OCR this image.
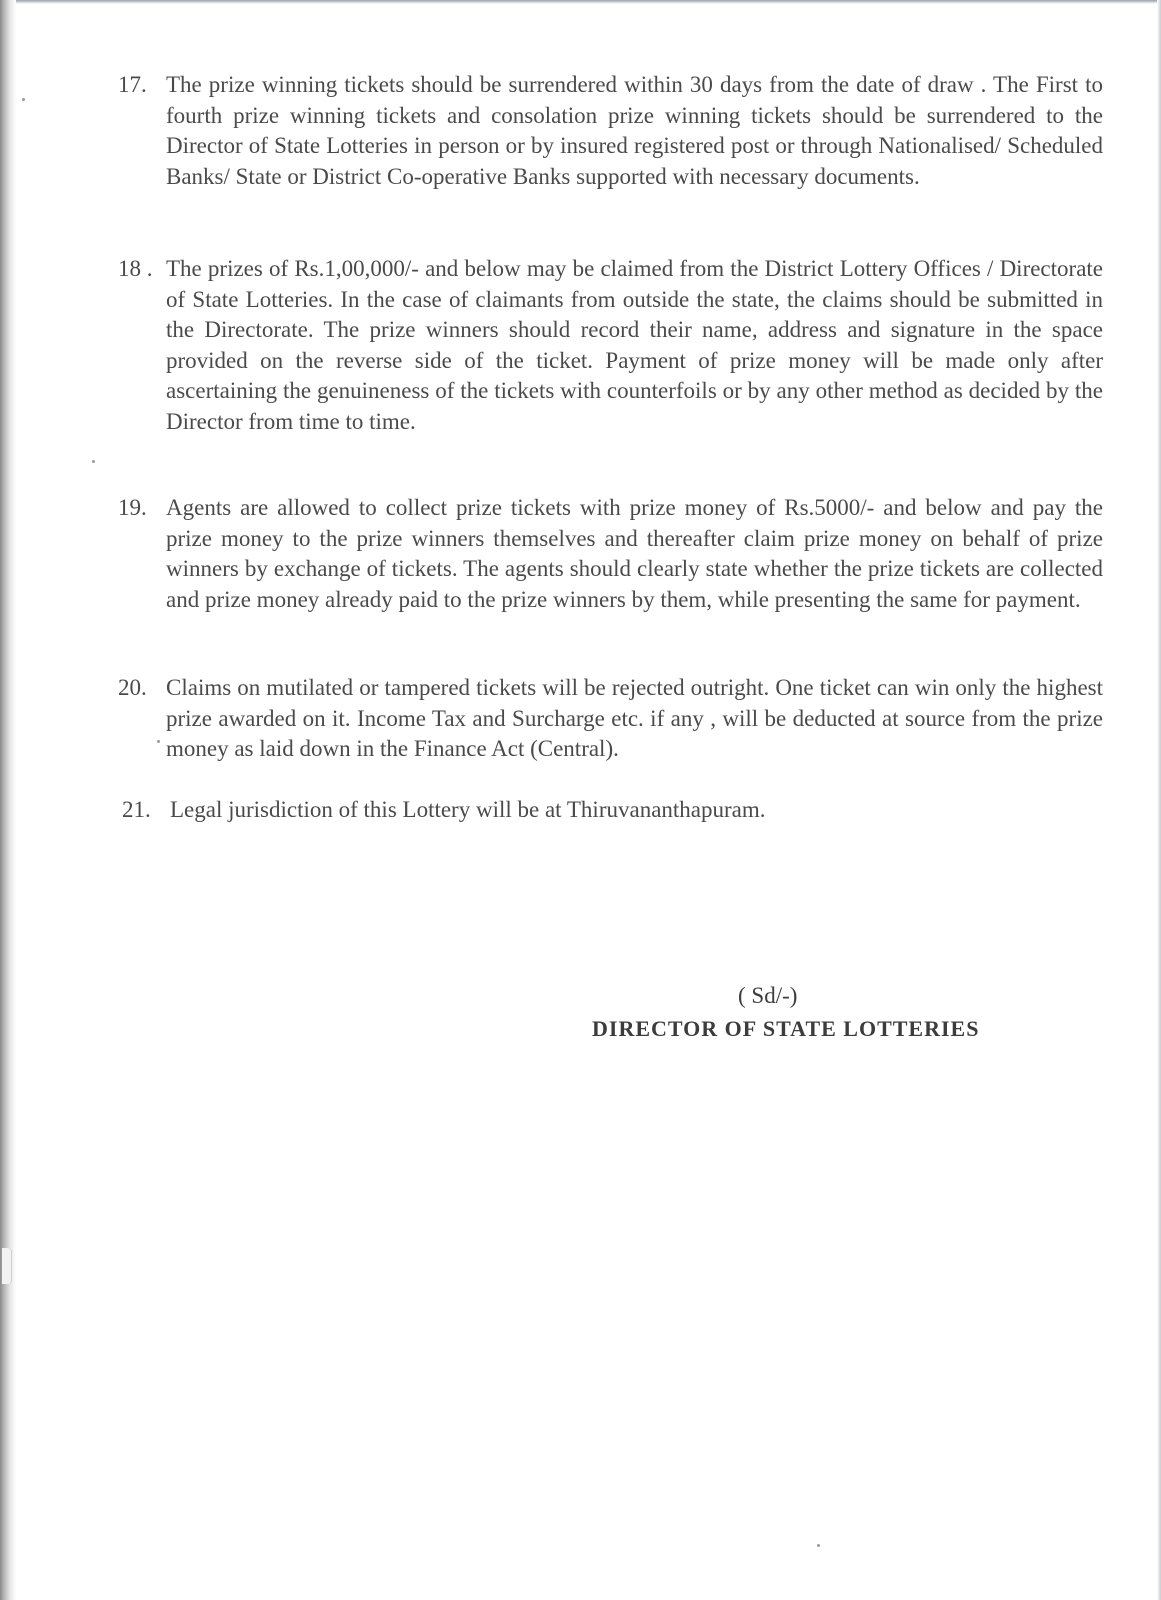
17. The prize winning tickets should be surrendered within 30 days from the date of draw . The First to fourth prize winning tickets and consolation prize winning tickets should be surrendered to the Director of State Lotteries in person or by insured registered post or through Nationalised/ Scheduled Banks/ State or District Co-operative Banks supported with necessary documents.
18 . The prizes of Rs.1,00,000/- and below may be claimed from the District Lottery Offices / Directorate of State Lotteries. In the case of claimants from outside the state, the claims should be submitted in the Directorate. The prize winners should record their name, address and signature in the space provided on the reverse side of the ticket. Payment of prize money will be made only after ascertaining the genuineness of the tickets with counterfoils or by any other method as decided by the Director from time to time.
19. Agents are allowed to collect prize tickets with prize money of Rs.5000/- and below and pay the prize money to the prize winners themselves and thereafter claim prize money on behalf of prize winners by exchange of tickets. The agents should clearly state whether the prize tickets are collected and prize money already paid to the prize winners by them, while presenting the same for payment.
20. Claims on mutilated or tampered tickets will be rejected outright. One ticket can win only the highest prize awarded on it. Income Tax and Surcharge etc. if any , will be deducted at source from the prize money as laid down in the Finance Act (Central).
21. Legal jurisdiction of this Lottery will be at Thiruvananthapuram.
( Sd/-)
DIRECTOR OF STATE LOTTERIES
